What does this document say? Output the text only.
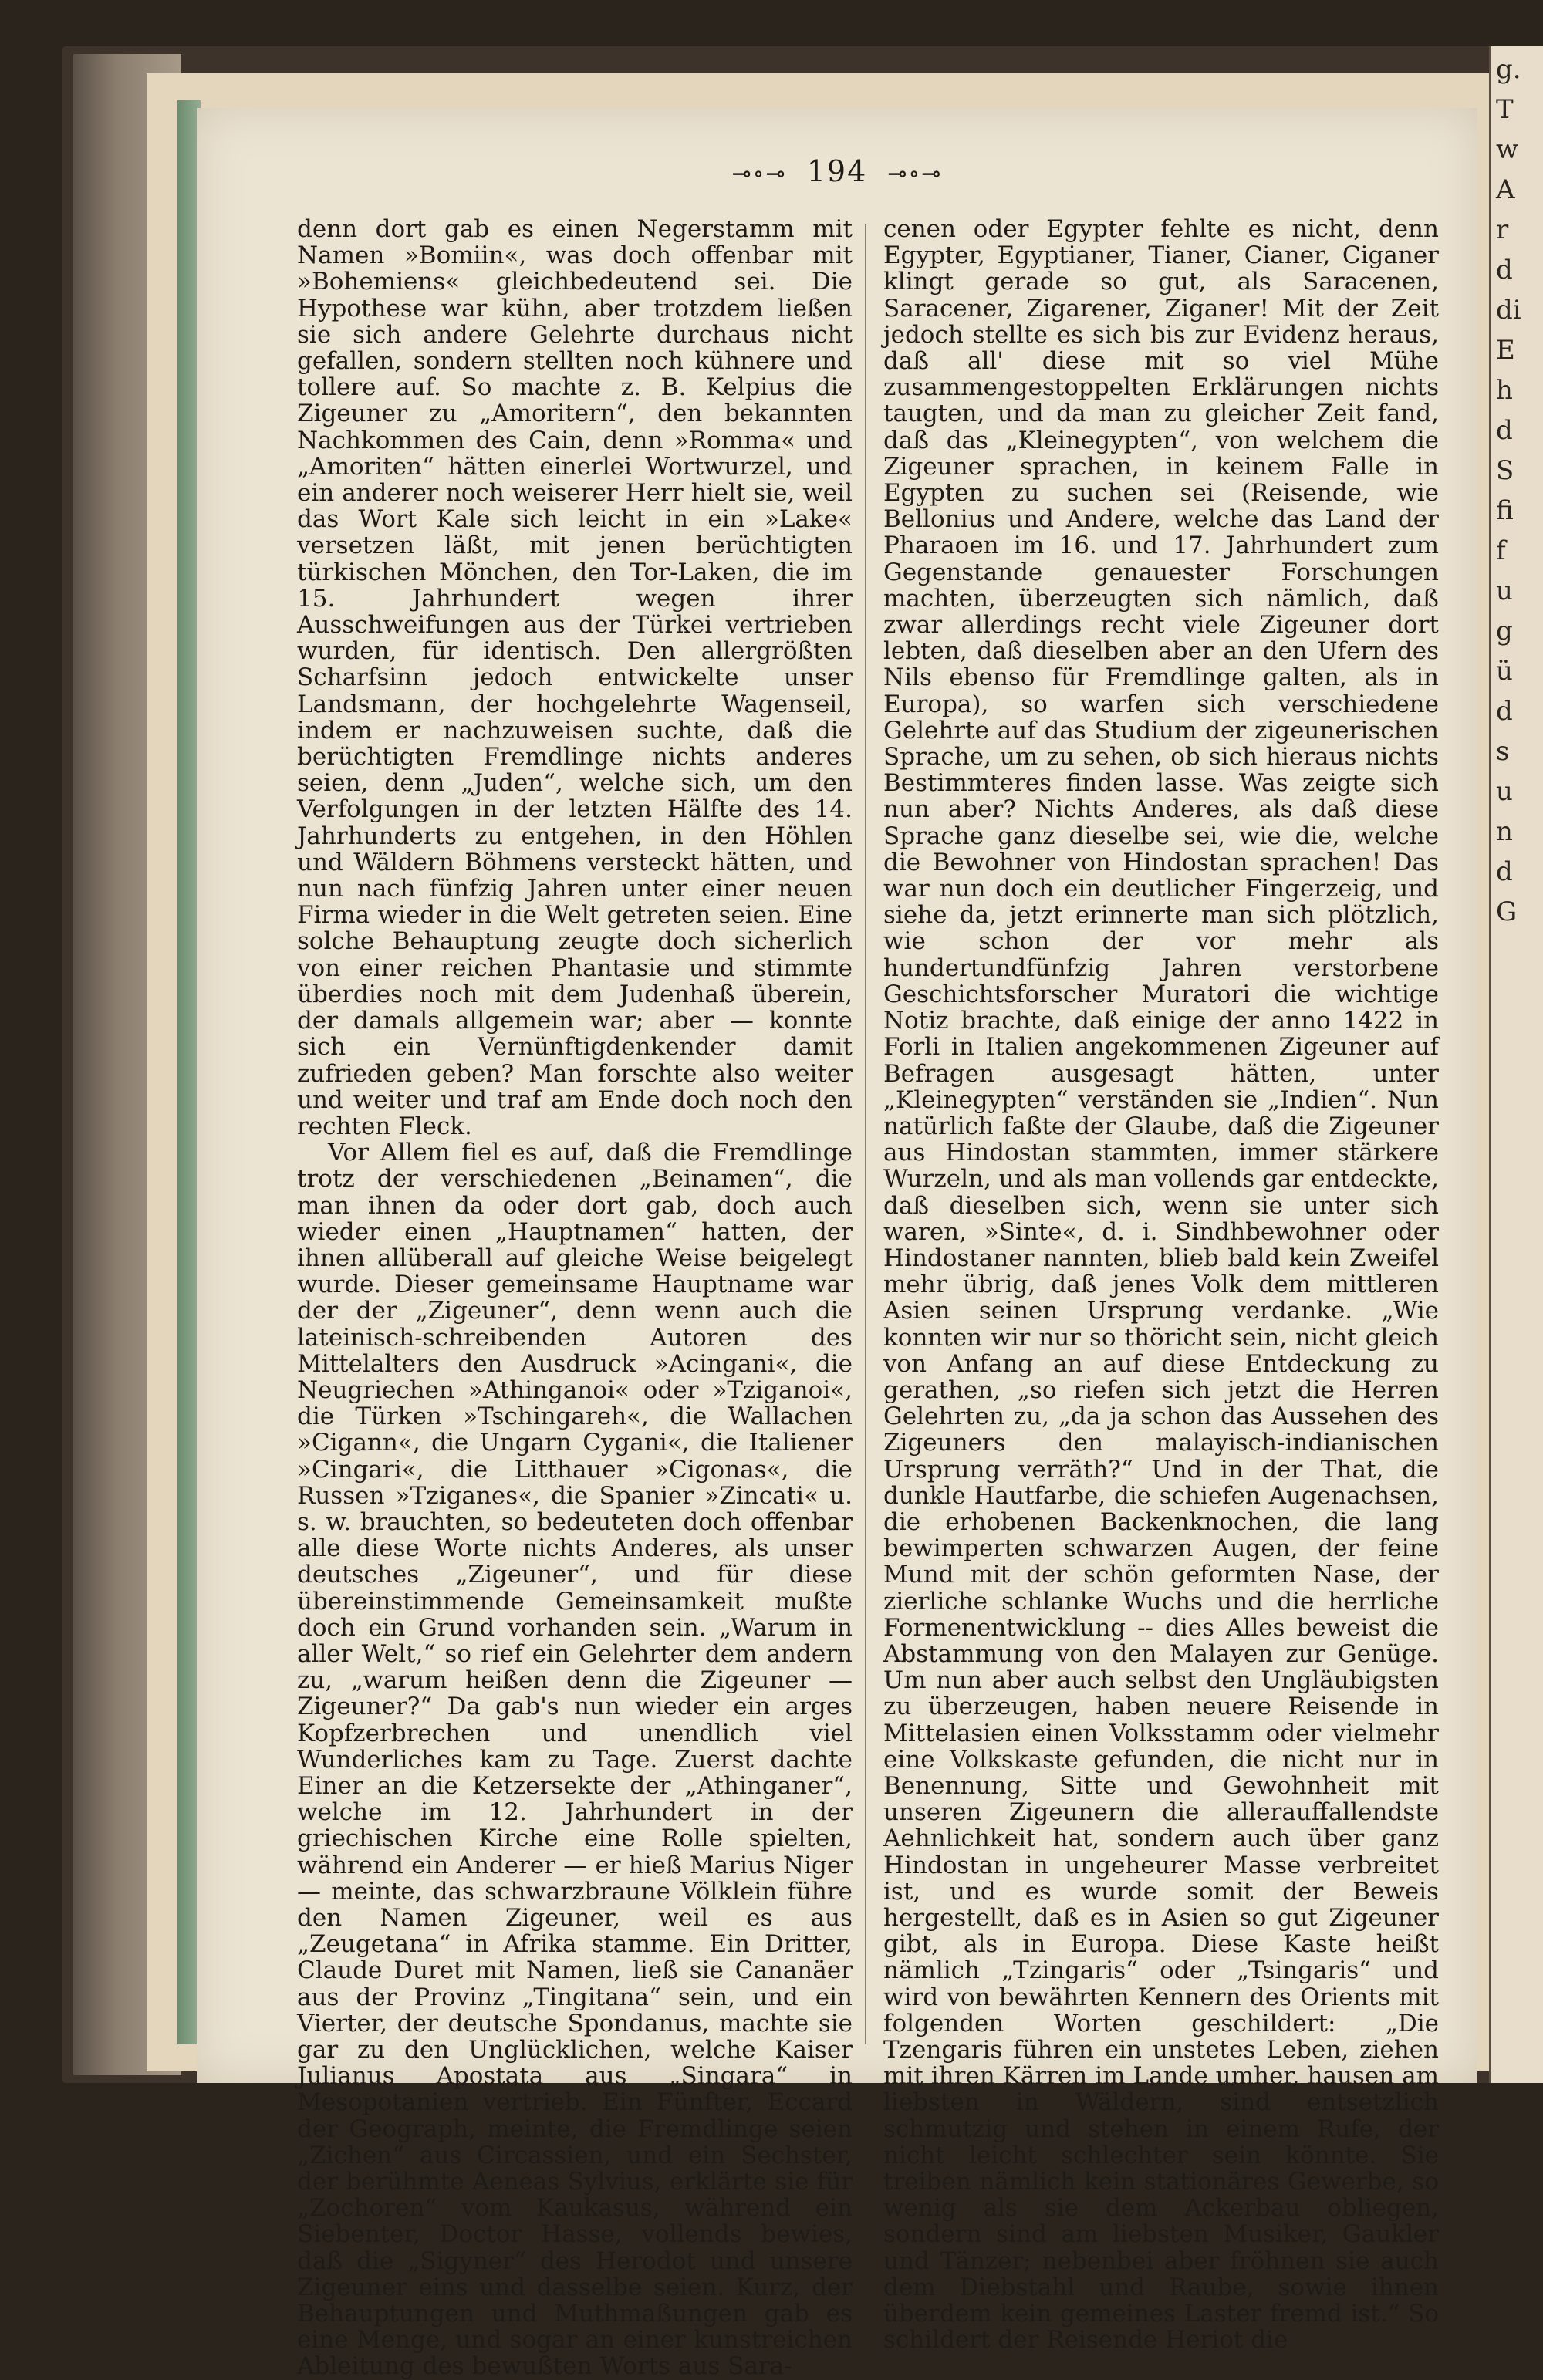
⊸∘⊸ 194 ⊸∘⊸

denn dort gab es einen Negerstamm mit Namen »Bomiin«, was doch offenbar mit »Bohemiens« gleichbedeutend sei. Die Hypothese war kühn, aber trotzdem ließen sie sich andere Gelehrte durchaus nicht gefallen, sondern stellten noch kühnere und tollere auf. So machte z. B. Kelpius die Zigeuner zu „Amoritern“, den bekannten Nachkommen des Cain, denn »Romma« und „Amoriten“ hätten einerlei Wortwurzel, und ein anderer noch weiserer Herr hielt sie, weil das Wort Kale sich leicht in ein »Lake« versetzen läßt, mit jenen berüchtigten türkischen Mönchen, den Tor-Laken, die im 15. Jahrhundert wegen ihrer Ausschweifungen aus der Türkei vertrieben wurden, für identisch. Den allergrößten Scharfsinn jedoch entwickelte unser Landsmann, der hochgelehrte Wagenseil, indem er nachzuweisen suchte, daß die berüchtigten Fremdlinge nichts anderes seien, denn „Juden“, welche sich, um den Verfolgungen in der letzten Hälfte des 14. Jahrhunderts zu entgehen, in den Höhlen und Wäldern Böhmens versteckt hätten, und nun nach fünfzig Jahren unter einer neuen Firma wieder in die Welt getreten seien. Eine solche Behauptung zeugte doch sicherlich von einer reichen Phantasie und stimmte überdies noch mit dem Judenhaß überein, der damals allgemein war; aber — konnte sich ein Vernünftigdenkender damit zufrieden geben? Man forschte also weiter und weiter und traf am Ende doch noch den rechten Fleck.

Vor Allem fiel es auf, daß die Fremdlinge trotz der verschiedenen „Beinamen“, die man ihnen da oder dort gab, doch auch wieder einen „Hauptnamen“ hatten, der ihnen allüberall auf gleiche Weise beigelegt wurde. Dieser gemeinsame Hauptname war der der „Zigeuner“, denn wenn auch die lateinisch-schreibenden Autoren des Mittelalters den Ausdruck »Acingani«, die Neugriechen »Athinganoi« oder »Tziganoi«, die Türken »Tschingareh«, die Wallachen »Cigann«, die Ungarn Cygani«, die Italiener »Cingari«, die Litthauer »Cigonas«, die Russen »Tziganes«, die Spanier »Zincati« u. s. w. brauchten, so bedeuteten doch offenbar alle diese Worte nichts Anderes, als unser deutsches „Zigeuner“, und für diese übereinstimmende Gemeinsamkeit mußte doch ein Grund vorhanden sein. „Warum in aller Welt,“ so rief ein Gelehrter dem andern zu, „warum heißen denn die Zigeuner — Zigeuner?“ Da gab's nun wieder ein arges Kopfzerbrechen und unendlich viel Wunderliches kam zu Tage. Zuerst dachte Einer an die Ketzersekte der „Athinganer“, welche im 12. Jahrhundert in der griechischen Kirche eine Rolle spielten, während ein Anderer — er hieß Marius Niger — meinte, das schwarzbraune Völklein führe den Namen Zigeuner, weil es aus „Zeugetana“ in Afrika stamme. Ein Dritter, Claude Duret mit Namen, ließ sie Cananäer aus der Provinz „Tingitana“ sein, und ein Vierter, der deutsche Spondanus, machte sie gar zu den Unglücklichen, welche Kaiser Julianus Apostata aus „Singara“ in Mesopotanien vertrieb. Ein Fünfter, Eccard der Geograph, meinte, die Fremdlinge seien „Zichen“ aus Circassien, und ein Sechster, der berühmte Aeneas Sylvius, erklärte sie für „Zochoren“ vom Kaukasus, während ein Siebenter, Doctor Hasse, vollends bewies, daß die „Sigyner“ des Herodot und unsere Zigeuner eins und dasselbe seien. Kurz, der Behauptungen und Muthmaßungen gab es eine Menge, und sogar an einer kunstreichen Ableitung des bewußten Worts aus Sara-

cenen oder Egypter fehlte es nicht, denn Egypter, Egyptianer, Tianer, Cianer, Ciganer klingt gerade so gut, als Saracenen, Saracener, Zigarener, Ziganer! Mit der Zeit jedoch stellte es sich bis zur Evidenz heraus, daß all' diese mit so viel Mühe zusammengestoppelten Erklärungen nichts taugten, und da man zu gleicher Zeit fand, daß das „Kleinegypten“, von welchem die Zigeuner sprachen, in keinem Falle in Egypten zu suchen sei (Reisende, wie Bellonius und Andere, welche das Land der Pharaoen im 16. und 17. Jahrhundert zum Gegenstande genauester Forschungen machten, überzeugten sich nämlich, daß zwar allerdings recht viele Zigeuner dort lebten, daß dieselben aber an den Ufern des Nils ebenso für Fremdlinge galten, als in Europa), so warfen sich verschiedene Gelehrte auf das Studium der zigeunerischen Sprache, um zu sehen, ob sich hieraus nichts Bestimmteres finden lasse. Was zeigte sich nun aber? Nichts Anderes, als daß diese Sprache ganz dieselbe sei, wie die, welche die Bewohner von Hindostan sprachen! Das war nun doch ein deutlicher Fingerzeig, und siehe da, jetzt erinnerte man sich plötzlich, wie schon der vor mehr als hundertundfünfzig Jahren verstorbene Geschichtsforscher Muratori die wichtige Notiz brachte, daß einige der anno 1422 in Forli in Italien angekommenen Zigeuner auf Befragen ausgesagt hätten, unter „Kleinegypten“ verständen sie „Indien“. Nun natürlich faßte der Glaube, daß die Zigeuner aus Hindostan stammten, immer stärkere Wurzeln, und als man vollends gar entdeckte, daß dieselben sich, wenn sie unter sich waren, »Sinte«, d. i. Sindhbewohner oder Hindostaner nannten, blieb bald kein Zweifel mehr übrig, daß jenes Volk dem mittleren Asien seinen Ursprung verdanke. „Wie konnten wir nur so thöricht sein, nicht gleich von Anfang an auf diese Entdeckung zu gerathen, „so riefen sich jetzt die Herren Gelehrten zu, „da ja schon das Aussehen des Zigeuners den malayisch-indianischen Ursprung verräth?“ Und in der That, die dunkle Hautfarbe, die schiefen Augenachsen, die erhobenen Backenknochen, die lang bewimperten schwarzen Augen, der feine Mund mit der schön geformten Nase, der zierliche schlanke Wuchs und die herrliche Formenentwicklung -- dies Alles beweist die Abstammung von den Malayen zur Genüge. Um nun aber auch selbst den Ungläubigsten zu überzeugen, haben neuere Reisende in Mittelasien einen Volksstamm oder vielmehr eine Volkskaste gefunden, die nicht nur in Benennung, Sitte und Gewohnheit mit unseren Zigeunern die allerauffallendste Aehnlichkeit hat, sondern auch über ganz Hindostan in ungeheurer Masse verbreitet ist, und es wurde somit der Beweis hergestellt, daß es in Asien so gut Zigeuner gibt, als in Europa. Diese Kaste heißt nämlich „Tzingaris“ oder „Tsingaris“ und wird von bewährten Kennern des Orients mit folgenden Worten geschildert: „Die Tzengaris führen ein unstetes Leben, ziehen mit ihren Kärren im Lande umher, hausen am liebsten in Wäldern, sind entsetzlich schmutzig und stehen in einem Rufe, der nicht leicht schlechter sein könnte. Sie treiben nämlich kein stationäres Gewerbe, so wenig als sie dem Ackerbau obliegen, sondern sind am liebsten Musiker, Gaukler und Tänzer; nebenbei aber fröhnen sie auch dem Diebstahl und Raube, sowie ihnen überdem kein gemeines Laster fremd ist.“ So schildert der Reisende Heriot die

g.
T
w
A
r
d
di
E
h
d
S
fi
f
u
g
ü
d
s
u
n
d
G
